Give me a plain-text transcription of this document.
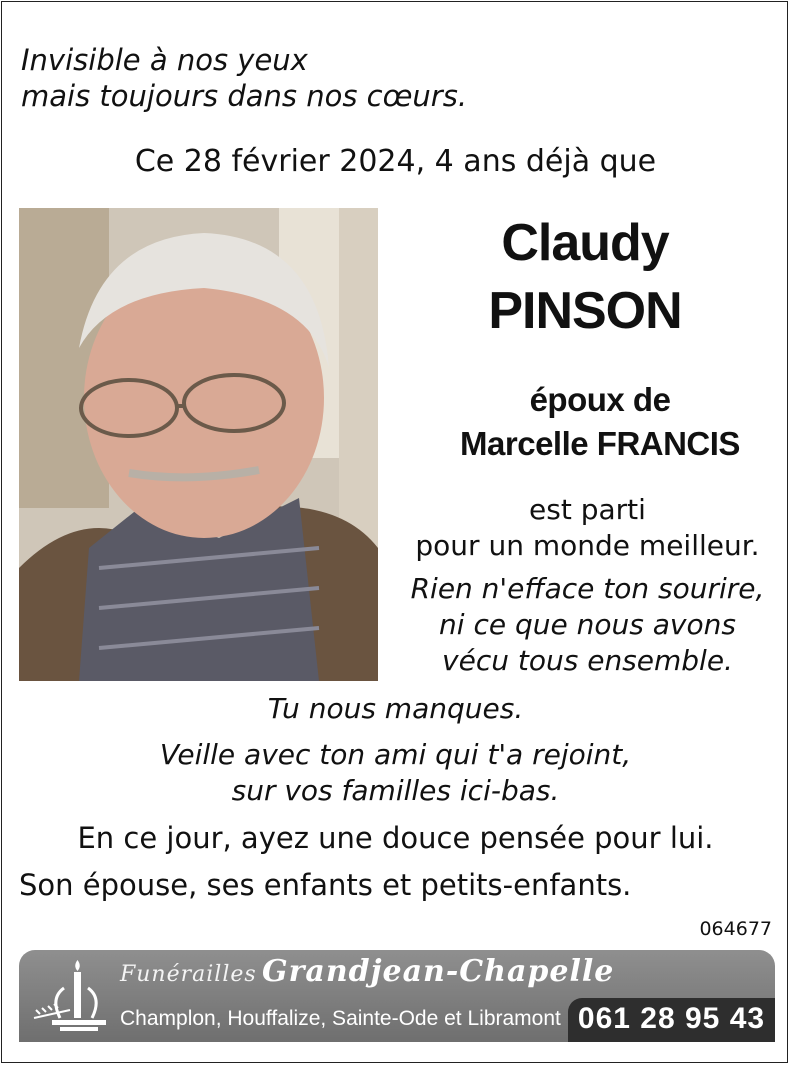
Invisible à nos yeux
mais toujours dans nos cœurs.
Ce 28 février 2024, 4 ans déjà que
Claudy
PINSON
époux de
Marcelle FRANCIS
est parti
pour un monde meilleur.
Rien n'efface ton sourire,
ni ce que nous avons
vécu tous ensemble.
Tu nous manques.
Veille avec ton ami qui t'a rejoint,
sur vos familles ici-bas.
En ce jour, ayez une douce pensée pour lui.
Son épouse, ses enfants et petits-enfants.
064677
Funérailles Grandjean-Chapelle
Champlon, Houffalize, Sainte-Ode et Libramont 061 28 95 43
